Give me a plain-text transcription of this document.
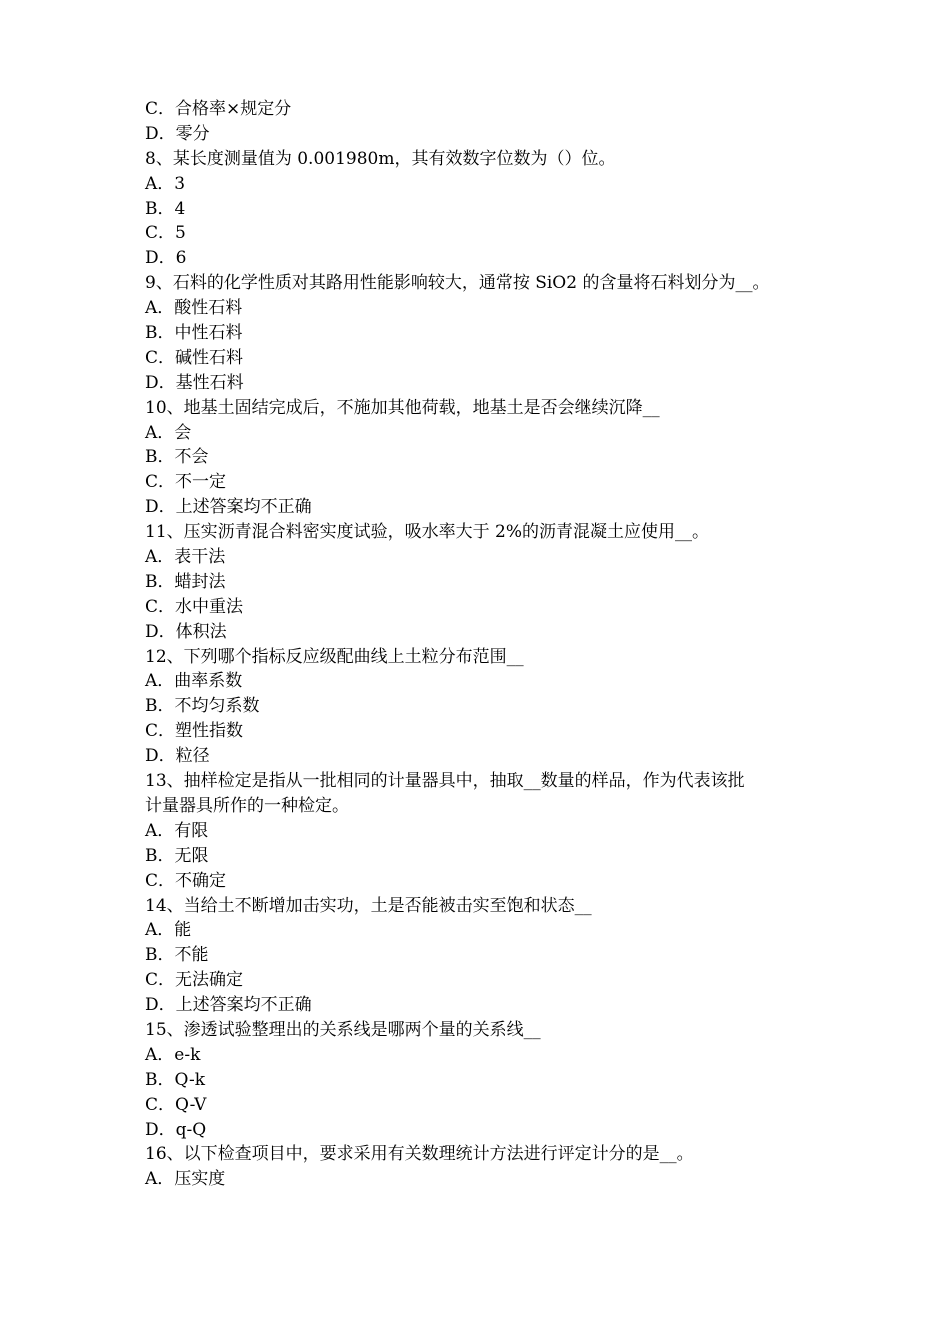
C．合格率×规定分
D．零分
8、某长度测量值为 0.001980m，其有效数字位数为（）位。
A．3
B．4
C．5
D．6
9、石料的化学性质对其路用性能影响较大，通常按 SiO2 的含量将石料划分为__。
A．酸性石料
B．中性石料
C．碱性石料
D．基性石料
10、地基土固结完成后，不施加其他荷载，地基土是否会继续沉降__
A．会
B．不会
C．不一定
D．上述答案均不正确
11、压实沥青混合料密实度试验，吸水率大于 2%的沥青混凝土应使用__。
A．表干法
B．蜡封法
C．水中重法
D．体积法
12、下列哪个指标反应级配曲线上土粒分布范围__
A．曲率系数
B．不均匀系数
C．塑性指数
D．粒径
13、抽样检定是指从一批相同的计量器具中，抽取__数量的样品，作为代表该批
计量器具所作的一种检定。
A．有限
B．无限
C．不确定
14、当给土不断增加击实功，土是否能被击实至饱和状态__
A．能
B．不能
C．无法确定
D．上述答案均不正确
15、渗透试验整理出的关系线是哪两个量的关系线__
A．e-k
B．Q-k
C．Q-V
D．q-Q
16、以下检查项目中，要求采用有关数理统计方法进行评定计分的是__。
A．压实度
